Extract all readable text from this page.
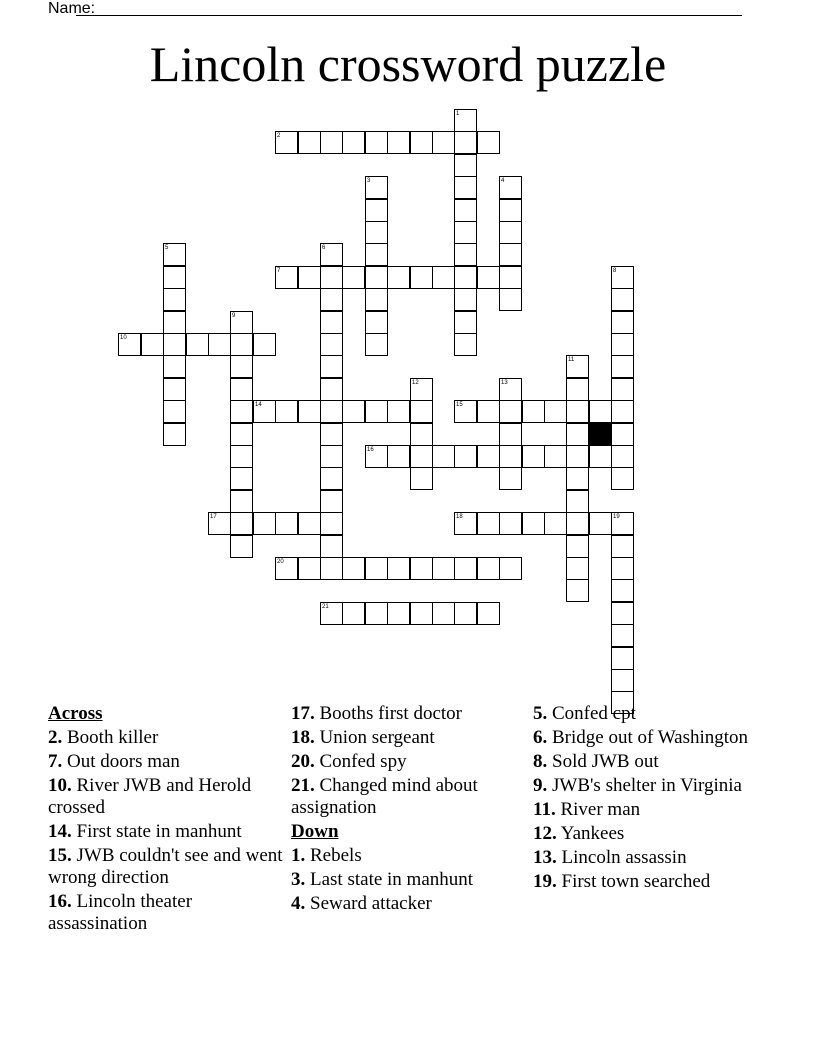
Name:
Lincoln crossword puzzle
2
7
10
14	15
16
17	18
20
21
1
3	4
5	6
8
9
11
12	13
19
Across
2. Booth killer
7. Out doors man
10. River JWB and Herold crossed
14. First state in manhunt
15. JWB couldn't see and went wrong direction
16. Lincoln theater assassination
17. Booths first doctor
18. Union sergeant
20. Confed spy
21. Changed mind about assignation
Down
1. Rebels
3. Last state in manhunt
4. Seward attacker
5. Confed cpt
6. Bridge out of Washington
8. Sold JWB out
9. JWB's shelter in Virginia
11. River man
12. Yankees
13. Lincoln assassin
19. First town searched
